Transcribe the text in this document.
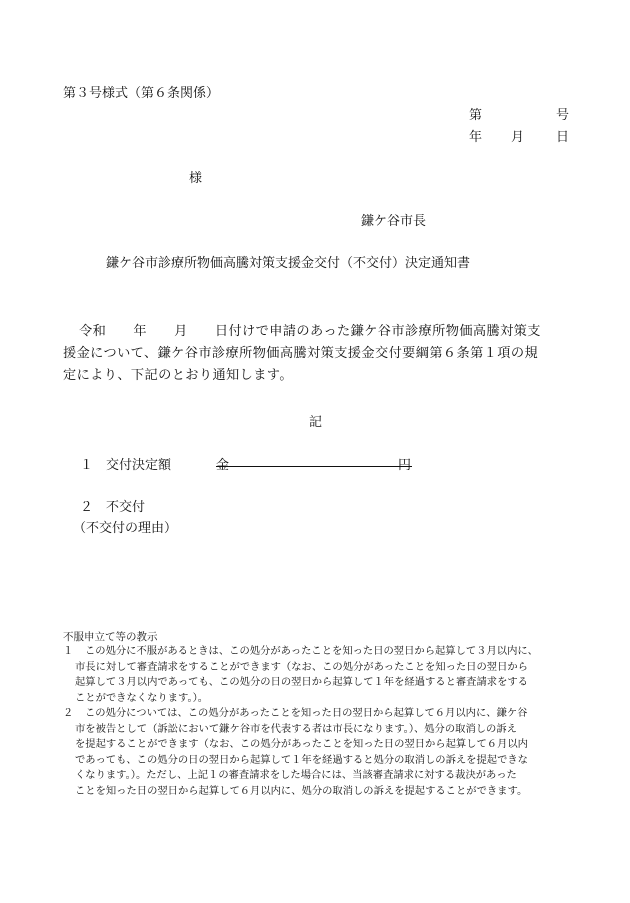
第３号様式（第６条関係）
第	号
年 月 日
様
鎌ケ谷市長
鎌ケ谷市診療所物価高騰対策支援金交付（不交付）決定通知書
令和　　年　　月　　日付けで申請のあった鎌ケ谷市診療所物価高騰対策支
援金について、鎌ケ谷市診療所物価高騰対策支援金交付要綱第６条第１項の規
定により、下記のとおり通知します。
記
１ 交付決定額	金	円
２ 不交付
（不交付の理由）
不服申立て等の教示
１	この処分に不服があるときは、この処分があったことを知った日の翌日から起算して３月以内に、
市長に対して審査請求をすることができます（なお、この処分があったことを知った日の翌日から
起算して３月以内であっても、この処分の日の翌日から起算して１年を経過すると審査請求をする
ことができなくなります。）。
２	この処分については、この処分があったことを知った日の翌日から起算して６月以内に、鎌ケ谷
市を被告として（訴訟において鎌ケ谷市を代表する者は市長になります。）、処分の取消しの訴え
を提起することができます（なお、この処分があったことを知った日の翌日から起算して６月以内
であっても、この処分の日の翌日から起算して１年を経過すると処分の取消しの訴えを提起できな
くなります。）。ただし、上記１の審査請求をした場合には、当該審査請求に対する裁決があった
ことを知った日の翌日から起算して６月以内に、処分の取消しの訴えを提起することができます。
